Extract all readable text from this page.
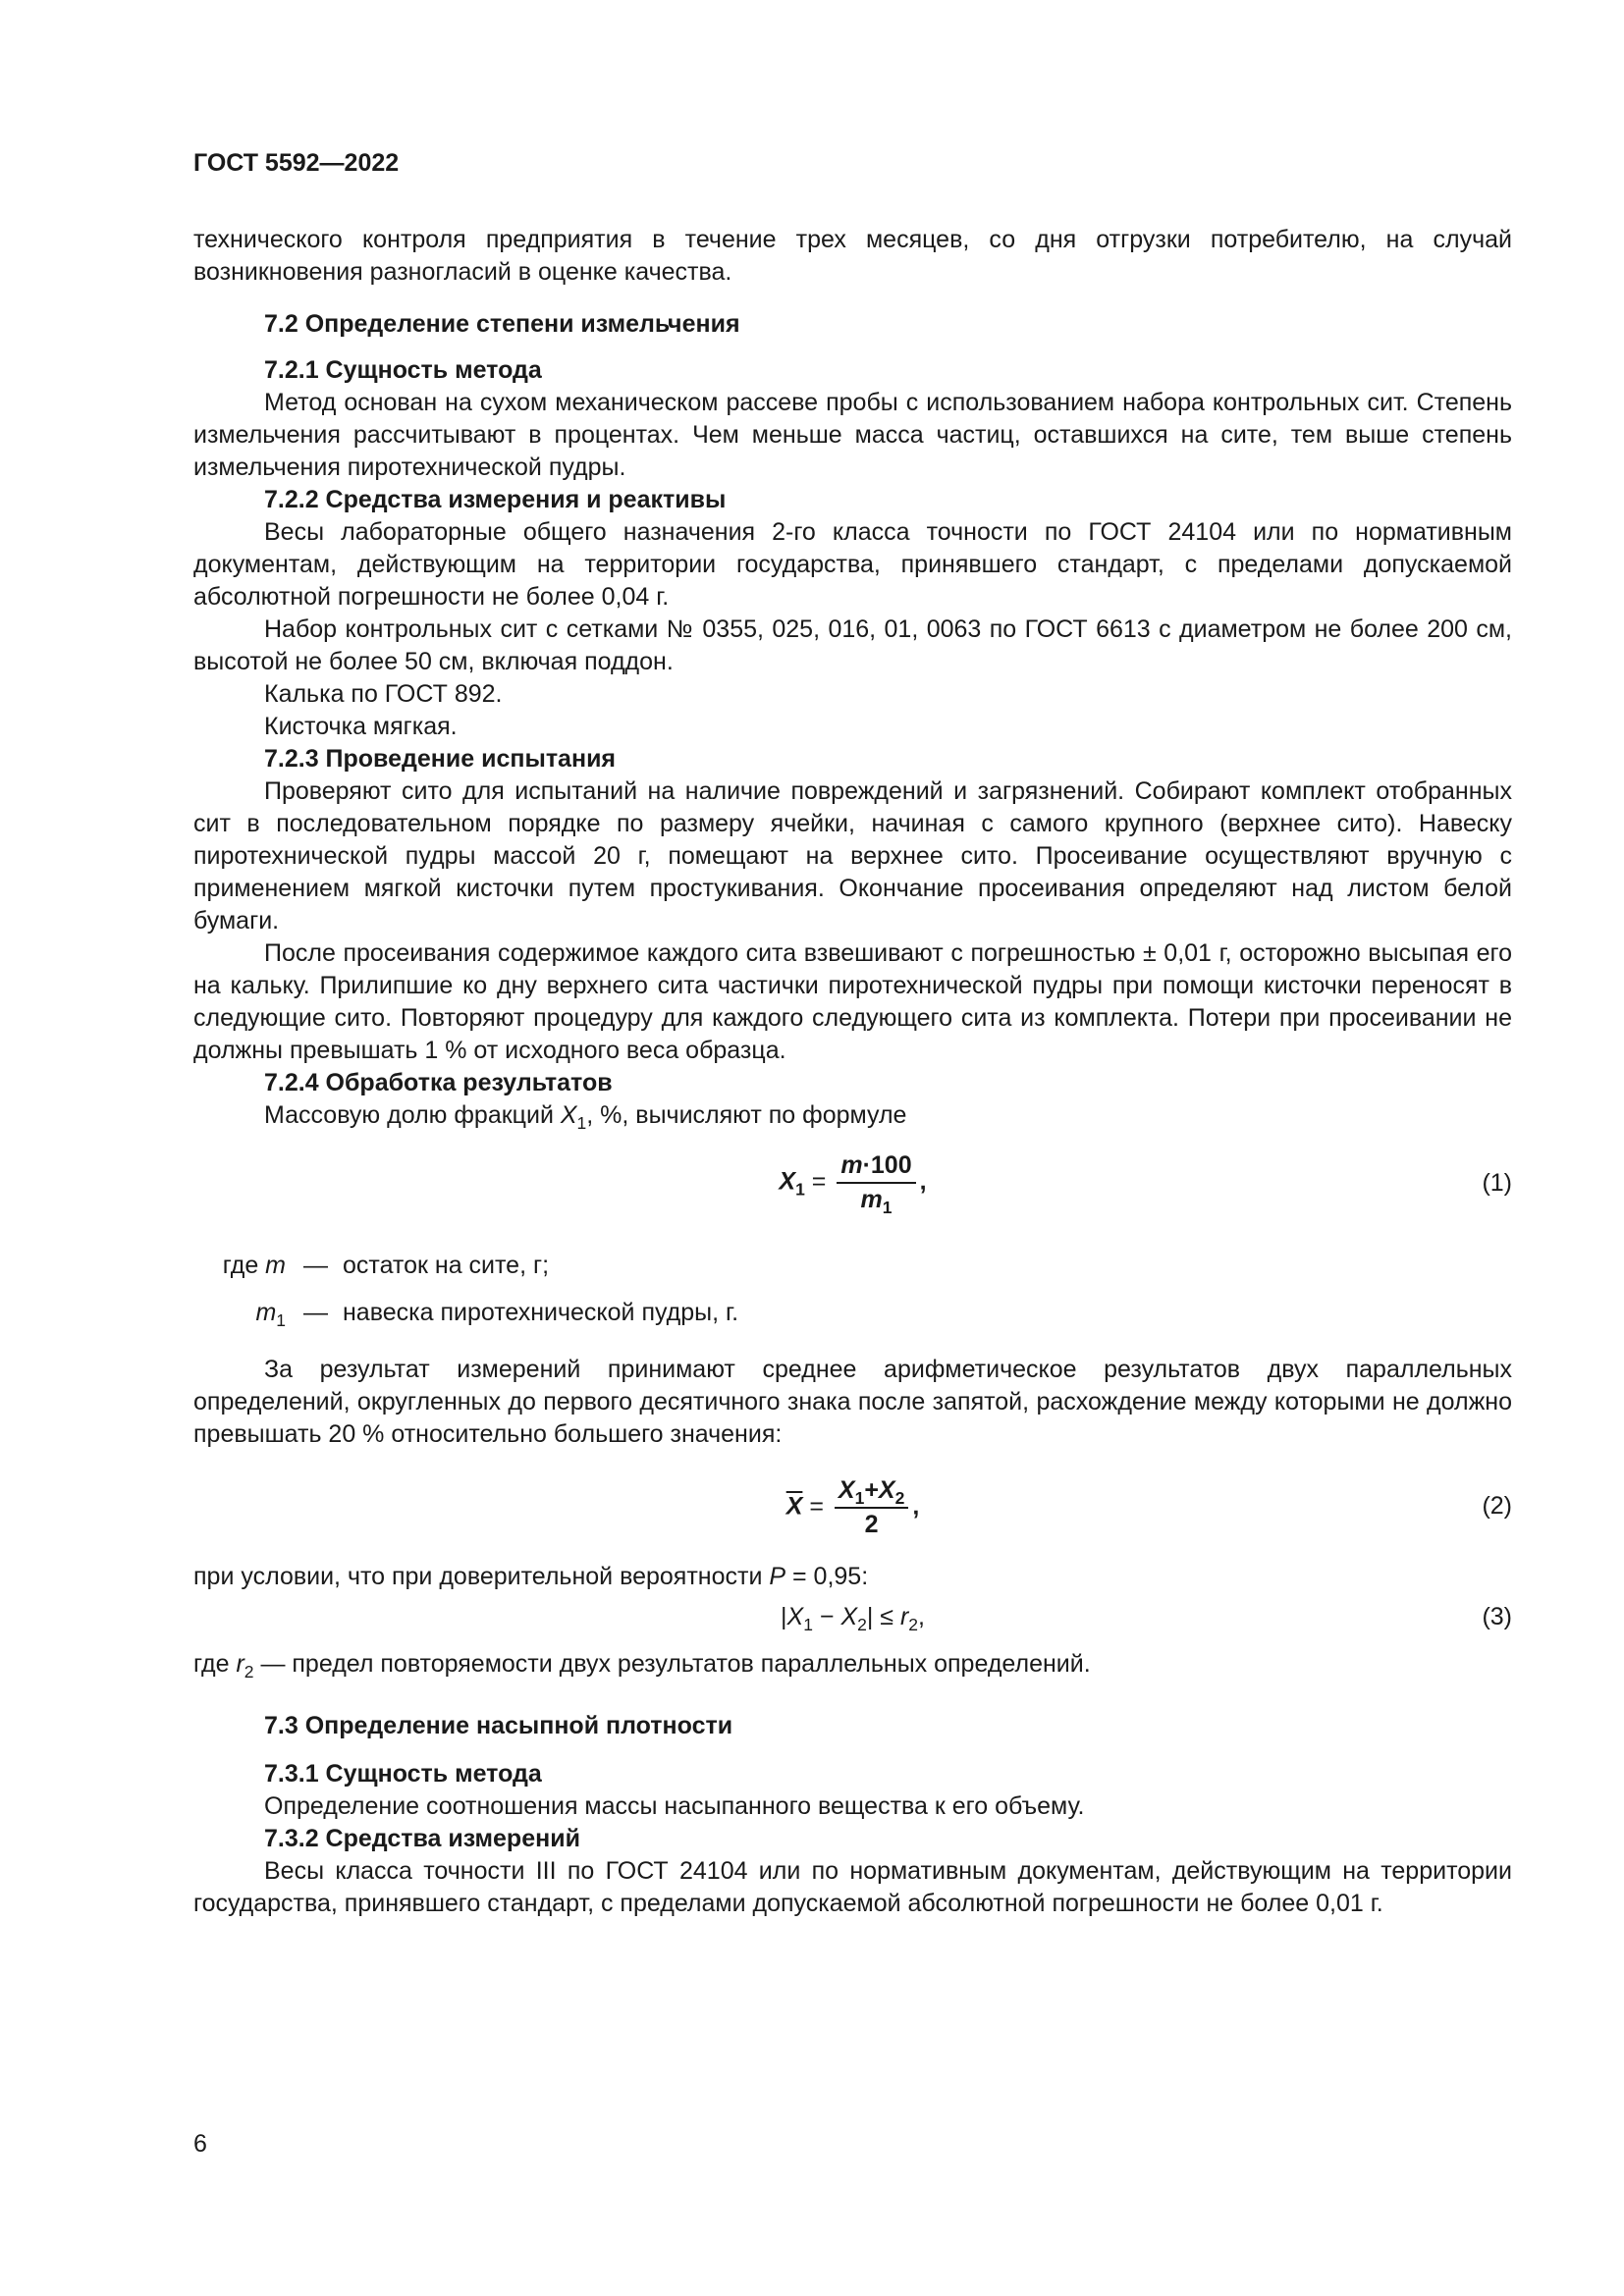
ГОСТ 5592—2022

технического контроля предприятия в течение трех месяцев, со дня отгрузки потребителю, на случай возникновения разногласий в оценке качества.

7.2 Определение степени измельчения

7.2.1 Сущность метода

Метод основан на сухом механическом рассеве пробы с использованием набора контрольных сит. Степень измельчения рассчитывают в процентах. Чем меньше масса частиц, оставшихся на сите, тем выше степень измельчения пиротехнической пудры.

7.2.2 Средства измерения и реактивы

Весы лабораторные общего назначения 2-го класса точности по ГОСТ 24104 или по нормативным документам, действующим на территории государства, принявшего стандарт, с пределами допускаемой абсолютной погрешности не более 0,04 г.

Набор контрольных сит с сетками № 0355, 025, 016, 01, 0063 по ГОСТ 6613 с диаметром не более 200 см, высотой не более 50 см, включая поддон.

Калька по ГОСТ 892.

Кисточка мягкая.

7.2.3 Проведение испытания

Проверяют сито для испытаний на наличие повреждений и загрязнений. Собирают комплект отобранных сит в последовательном порядке по размеру ячейки, начиная с самого крупного (верхнее сито). Навеску пиротехнической пудры массой 20 г, помещают на верхнее сито. Просеивание осуществляют вручную с применением мягкой кисточки путем простукивания. Окончание просеивания определяют над листом белой бумаги.

После просеивания содержимое каждого сита взвешивают с погрешностью ± 0,01 г, осторожно высыпая его на кальку. Прилипшие ко дну верхнего сита частички пиротехнической пудры при помощи кисточки переносят в следующие сито. Повторяют процедуру для каждого следующего сита из комплекта. Потери при просеивании не должны превышать 1 % от исходного веса образца.

7.2.4 Обработка результатов

Массовую долю фракций $X_1$, %, вычисляют по формуле

$X_1 = \frac{m\cdot 100}{m_1}$ ,	(1)
где m — остаток на сите, г;
$m_1$ — навеска пиротехнической пудры, г.

За результат измерений принимают среднее арифметическое результатов двух параллельных определений, округленных до первого десятичного знака после запятой, расхождение между которыми не должно превышать 20 % относительно большего значения:

$\overline{X} = \frac{X_1+X_2}{2}$ ,	(2)

при условии, что при доверительной вероятности P = 0,95:

$|X_1 - X_2| \le r_2$,	(3)

где $r_2$ — предел повторяемости двух результатов параллельных определений.

7.3 Определение насыпной плотности

7.3.1 Сущность метода

Определение соотношения массы насыпанного вещества к его объему.

7.3.2 Средства измерений

Весы класса точности III по ГОСТ 24104 или по нормативным документам, действующим на территории государства, принявшего стандарт, с пределами допускаемой абсолютной погрешности не более 0,01 г.

6
